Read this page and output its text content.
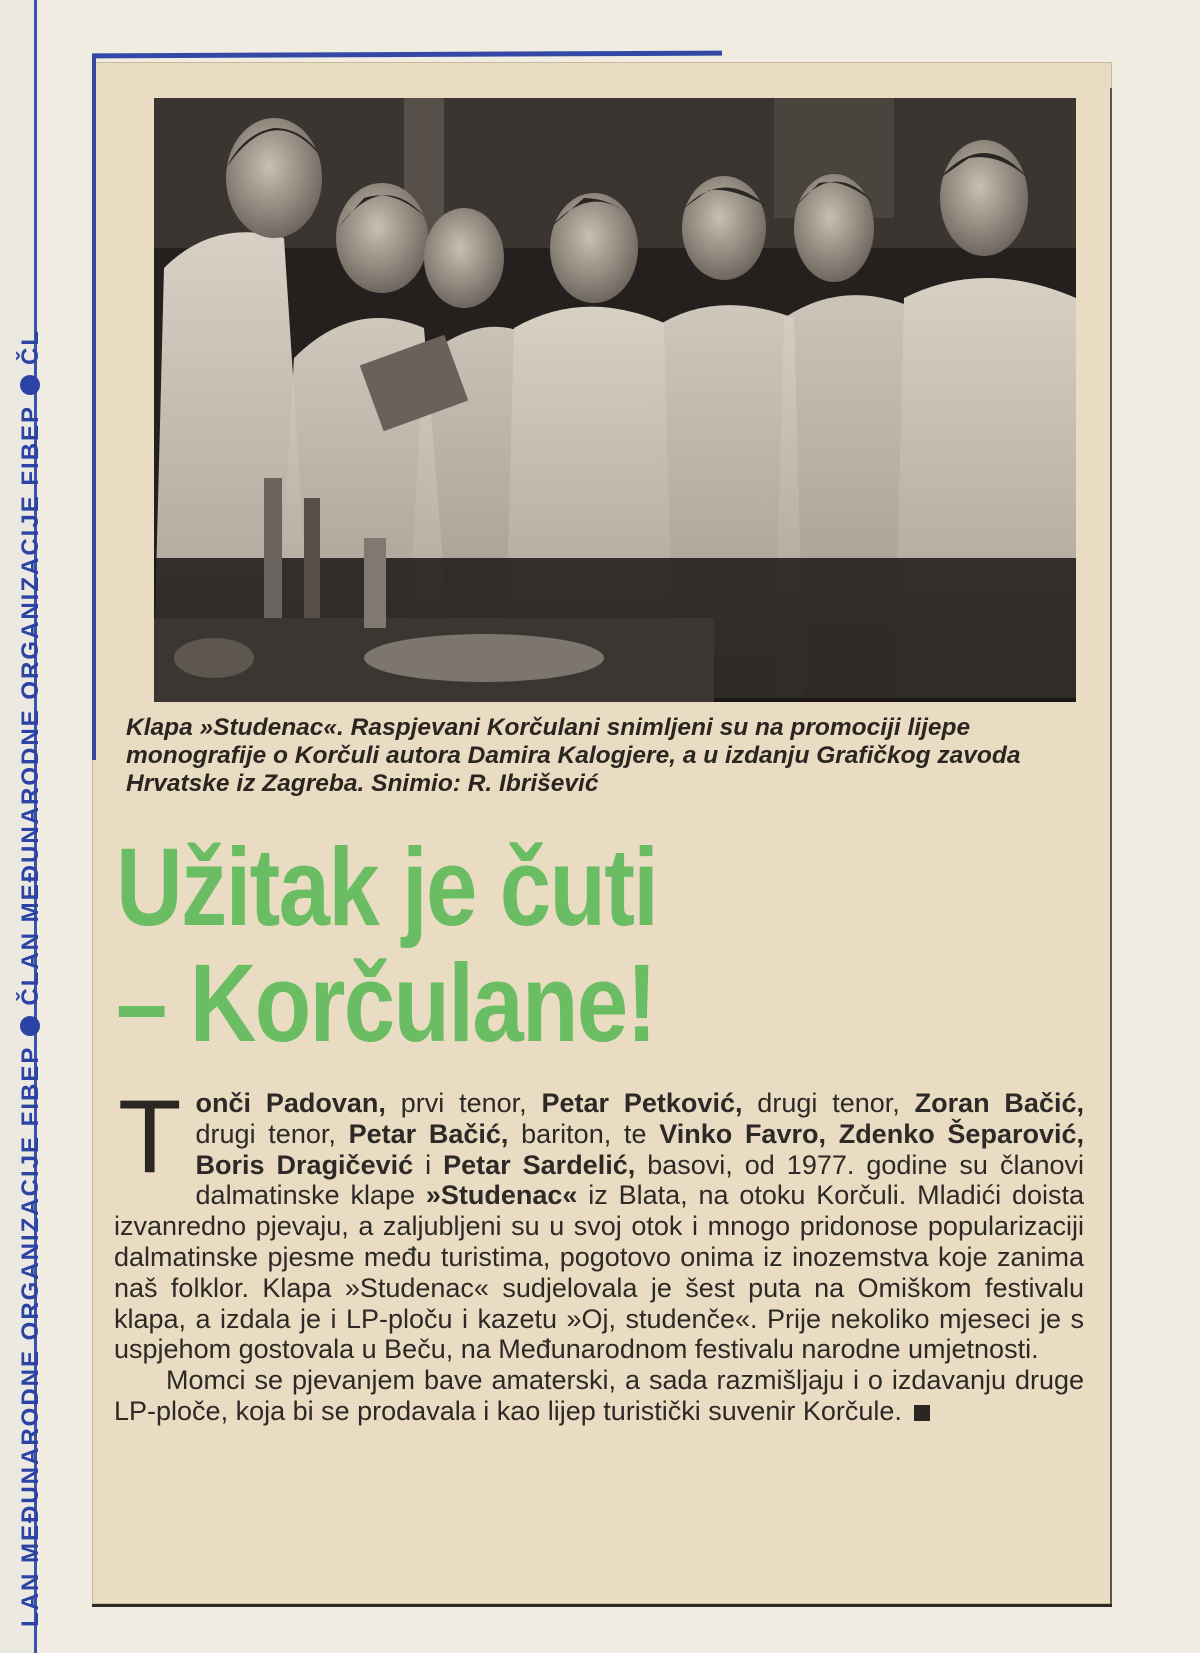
LAN MEĐUNARODNE ORGANIZACIJE FIBEPČLAN MEĐUNARODNE ORGANIZACIJE FIBEPČL

Klapa »Studenac«. Raspjevani Korčulani snimljeni su na promociji lijepe monografije o Korčuli autora Damira Kalogjere, a u izdanju Grafičkog zavoda Hrvatske iz Zagreba. Snimio: R. Ibrišević

Užitak je čuti
– Korčulane!

Tonči Padovan, prvi tenor, Petar Petković, drugi tenor, Zoran Bačić, drugi tenor, Petar Bačić, bariton, te Vinko Favro, Zdenko Šeparović, Boris Dragičević i Petar Sardelić, basovi, od 1977. godine su članovi dalmatinske klape »Studenac« iz Blata, na otoku Korčuli. Mladići doista izvanredno pjevaju, a zaljubljeni su u svoj otok i mnogo pridonose popularizaciji dalmatinske pjesme među turistima, pogotovo onima iz inozemstva koje zanima naš folklor. Klapa »Studenac« sudjelovala je šest puta na Omiškom festivalu klapa, a izdala je i LP-ploču i kazetu »Oj, studenče«. Prije nekoliko mjeseci je s uspjehom gostovala u Beču, na Međunarodnom festivalu narodne umjetnosti.

Momci se pjevanjem bave amaterski, a sada razmišljaju i o izdavanju druge LP-ploče, koja bi se prodavala i kao lijep turistički suvenir Korčule.
